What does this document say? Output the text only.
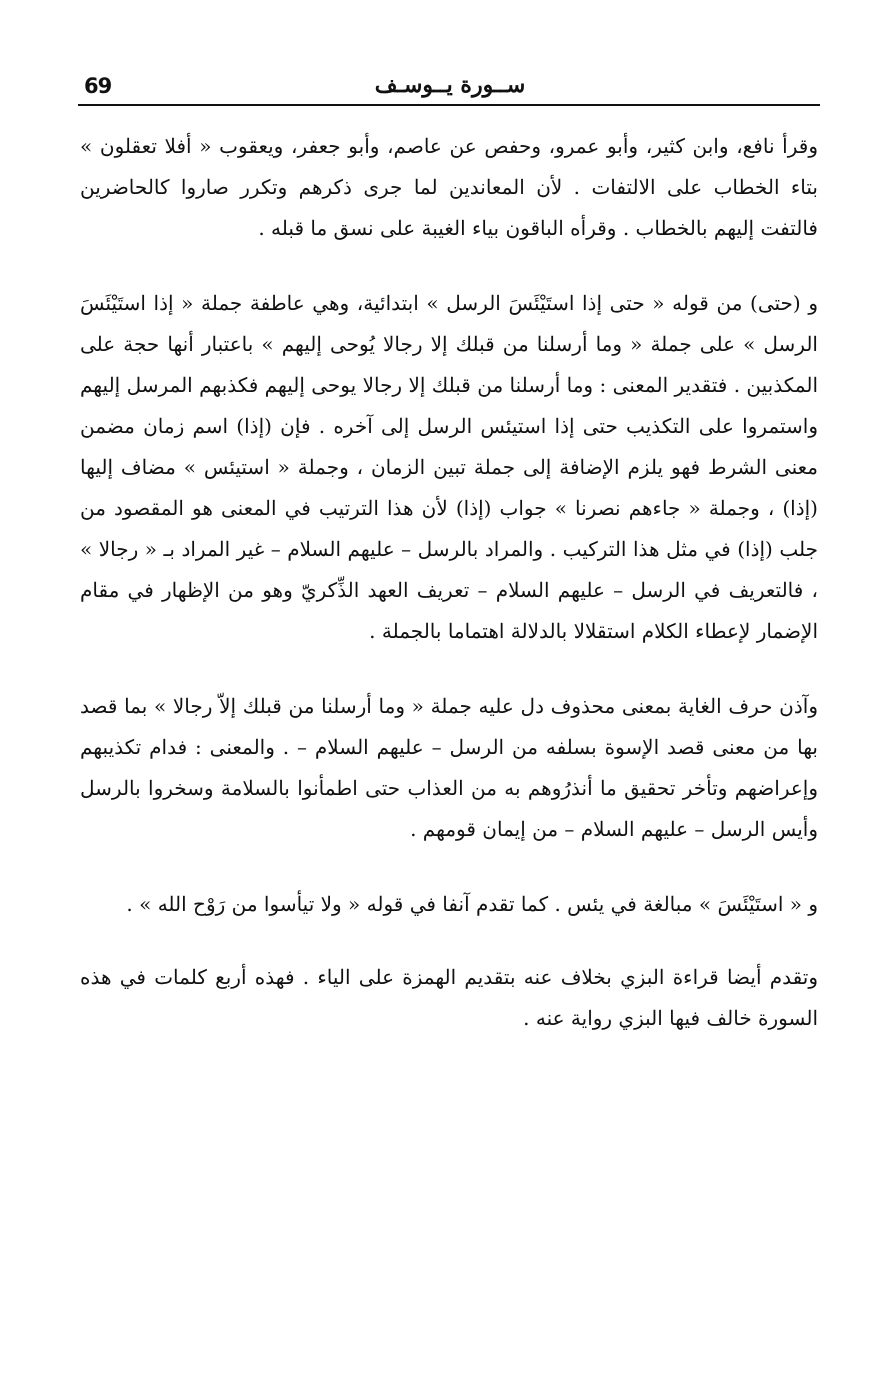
69	ســورة يــوسـف

وقرأ نافع، وابن كثير، وأبو عمرو، وحفص عن عاصم، وأبو جعفر، ويعقوب « أفلا تعقلون » بتاء الخطاب على الالتفات . لأن المعاندين لما جرى ذكرهم وتكرر صاروا كالحاضرين فالتفت إليهم بالخطاب . وقرأه الباقون بياء الغيبة على نسق ما قبله .

و (حتى) من قوله « حتى إذا استَيْئَسَ الرسل » ابتدائية، وهي عاطفة جملة « إذا استَيْئَسَ الرسل » على جملة « وما أرسلنا من قبلك إلا رجالا يُوحى إليهم » باعتبار أنها حجة على المكذبين . فتقدير المعنى : وما أرسلنا من قبلك إلا رجالا يوحى إليهم فكذبهم المرسل إليهم واستمروا على التكذيب حتى إذا استيئس الرسل إلى آخره . فإن (إذا) اسم زمان مضمن معنى الشرط فهو يلزم الإضافة إلى جملة تبين الزمان ، وجملة « استيئس » مضاف إليها (إذا) ، وجملة « جاءهم نصرنا » جواب (إذا) لأن هذا الترتيب في المعنى هو المقصود من جلب (إذا) في مثل هذا التركيب . والمراد بالرسل – عليهم السلام – غير المراد بـ « رجالا » ، فالتعريف في الرسل – عليهم السلام – تعريف العهد الذِّكريّ وهو من الإظهار في مقام الإضمار لإعطاء الكلام استقلالا بالدلالة اهتماما بالجملة .

وآذن حرف الغاية بمعنى محذوف دل عليه جملة « وما أرسلنا من قبلك إلاّ رجالا » بما قصد بها من معنى قصد الإسوة بسلفه من الرسل – عليهم السلام – . والمعنى : فدام تكذيبهم وإعراضهم وتأخر تحقيق ما أنذرُوهم به من العذاب حتى اطمأنوا بالسلامة وسخروا بالرسل وأيس الرسل – عليهم السلام – من إيمان قومهم .

و « استَيْئَسَ » مبالغة في يئس . كما تقدم آنفا في قوله « ولا تيأسوا من رَوْح الله » .

وتقدم أيضا قراءة البزي بخلاف عنه بتقديم الهمزة على الياء . فهذه أربع كلمات في هذه السورة خالف فيها البزي رواية عنه .
